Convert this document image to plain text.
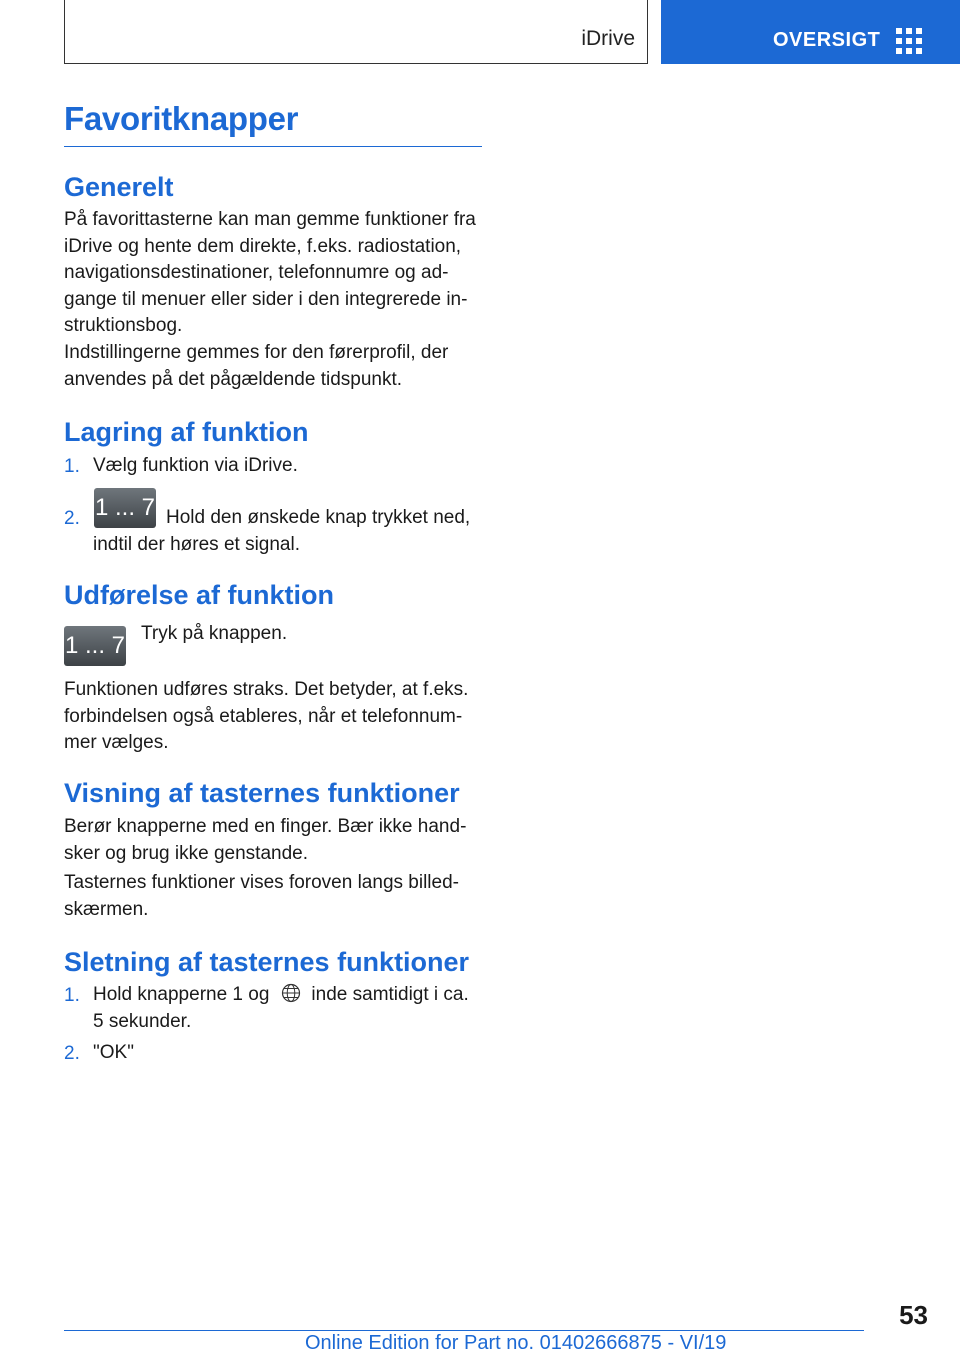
iDrive	OVERSIGT
Favoritknapper
Generelt

På favorittasterne kan man gemme funktioner fra iDrive og hente dem direkte, f.eks. radiostation, navigationsdestinationer, telefonnumre og adgange til menuer eller sider i den integrerede instruktionsbog.

Indstillingerne gemmes for den førerprofil, der anvendes på det pågældende tidspunkt.

Lagring af funktion
1. Vælg funktion via iDrive.

2. 1 ... 7 Hold den ønskede knap trykket ned, indtil der høres et signal.

Udførelse af funktion
1 ... 7 Tryk på knappen.

Funktionen udføres straks. Det betyder, at f.eks. forbindelsen også etableres, når et telefonnummer vælges.

Visning af tasternes funktioner

Berør knapperne med en finger. Bær ikke handsker og brug ikke genstande.

Tasternes funktioner vises foroven langs billedskærmen.

Sletning af tasternes funktioner
1. Hold knapperne 1 og inde samtidigt i ca. 5 sekunder.

2. "OK"

53
Online Edition for Part no. 01402666875 - VI/19
